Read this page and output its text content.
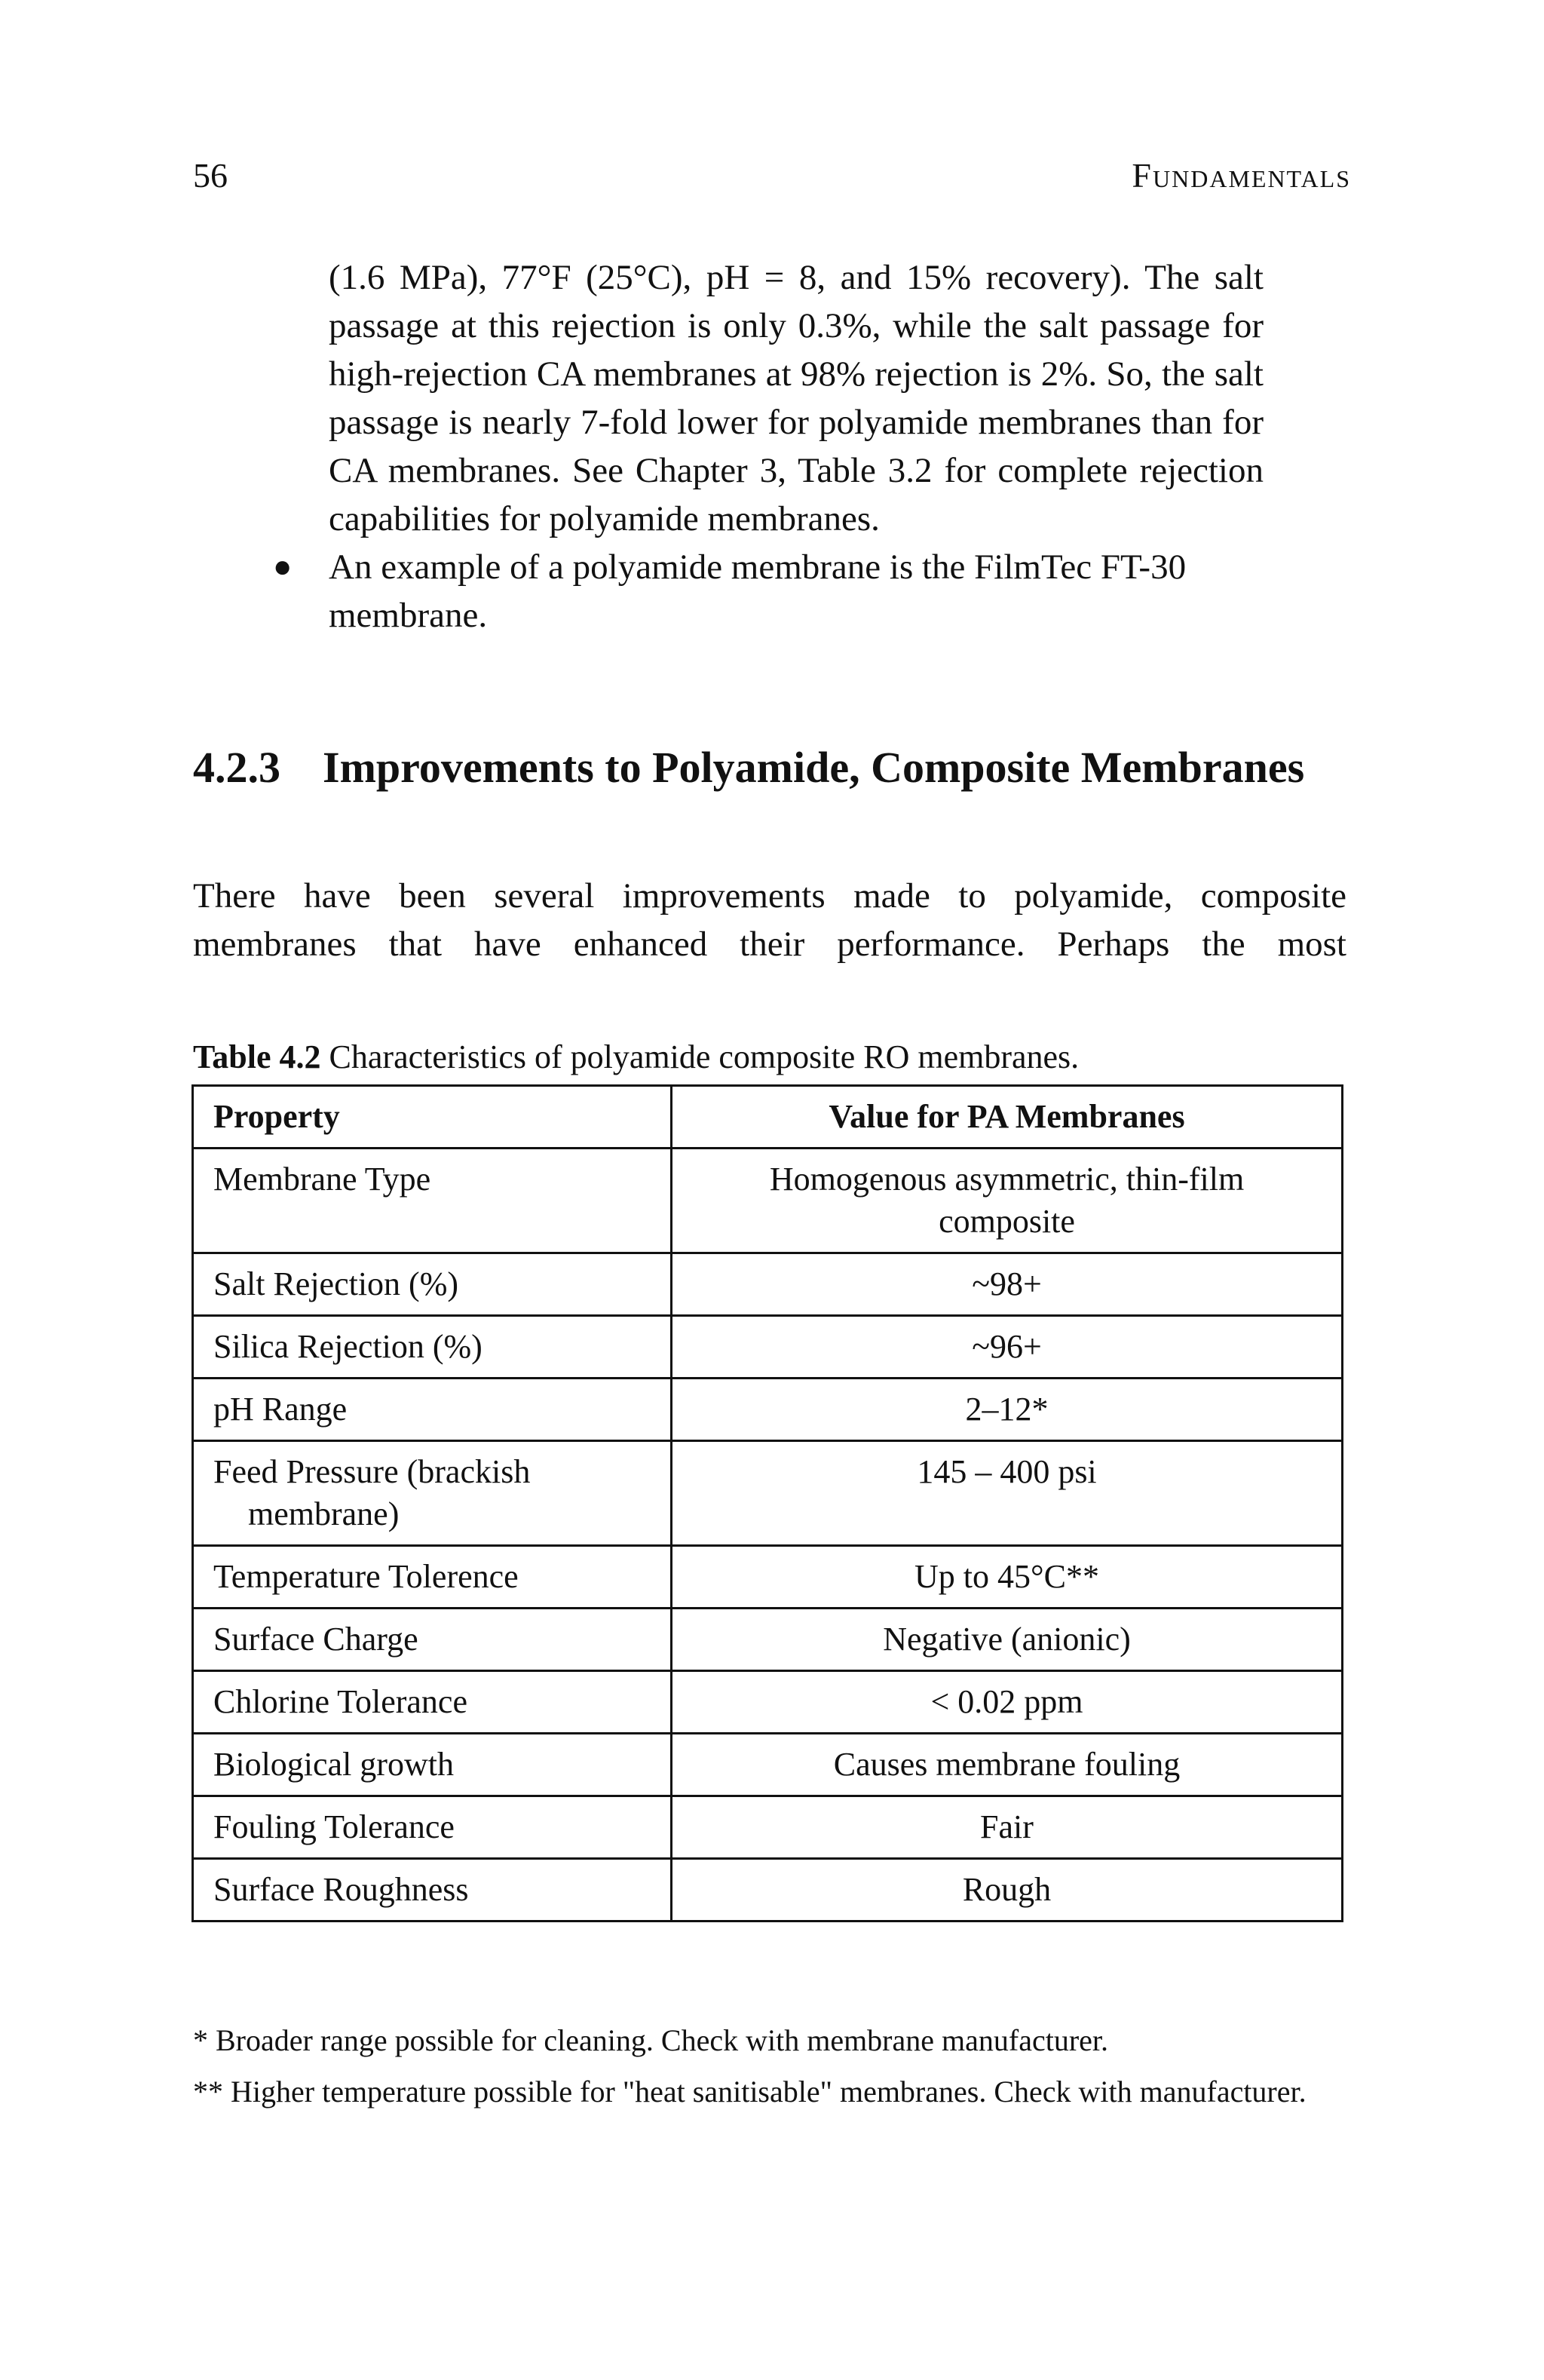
56	Fundamentals

(1.6 MPa), 77°F (25°C), pH = 8, and 15% recovery). The salt passage at this rejection is only 0.3%, while the salt passage for high-rejection CA membranes at 98% rejection is 2%. So, the salt passage is nearly 7-fold lower for polyamide membranes than for CA membranes. See Chapter 3, Table 3.2 for complete rejection capabilities for polyamide membranes.

● An example of a polyamide membrane is the FilmTec FT-30 membrane.

4.2.3 Improvements to Polyamide, Composite Membranes

There have been several improvements made to polyamide, composite membranes that have enhanced their performance. Perhaps the most

Table 4.2 Characteristics of polyamide composite RO membranes.
Property	Value for PA Membranes
Membrane Type	Homogenous asymmetric, thin-film composite
Salt Rejection (%)	~98+
Silica Rejection (%)	~96+
pH Range	2–12*

Feed Pressure (brackish membrane)	145 – 400 psi
Temperature Tolerence	Up to 45°C**
Surface Charge	Negative (anionic)
Chlorine Tolerance	< 0.02 ppm
Biological growth	Causes membrane fouling
Fouling Tolerance	Fair
Surface Roughness	Rough

* Broader range possible for cleaning. Check with membrane manufacturer.

** Higher temperature possible for "heat sanitisable" membranes. Check with manufacturer.
